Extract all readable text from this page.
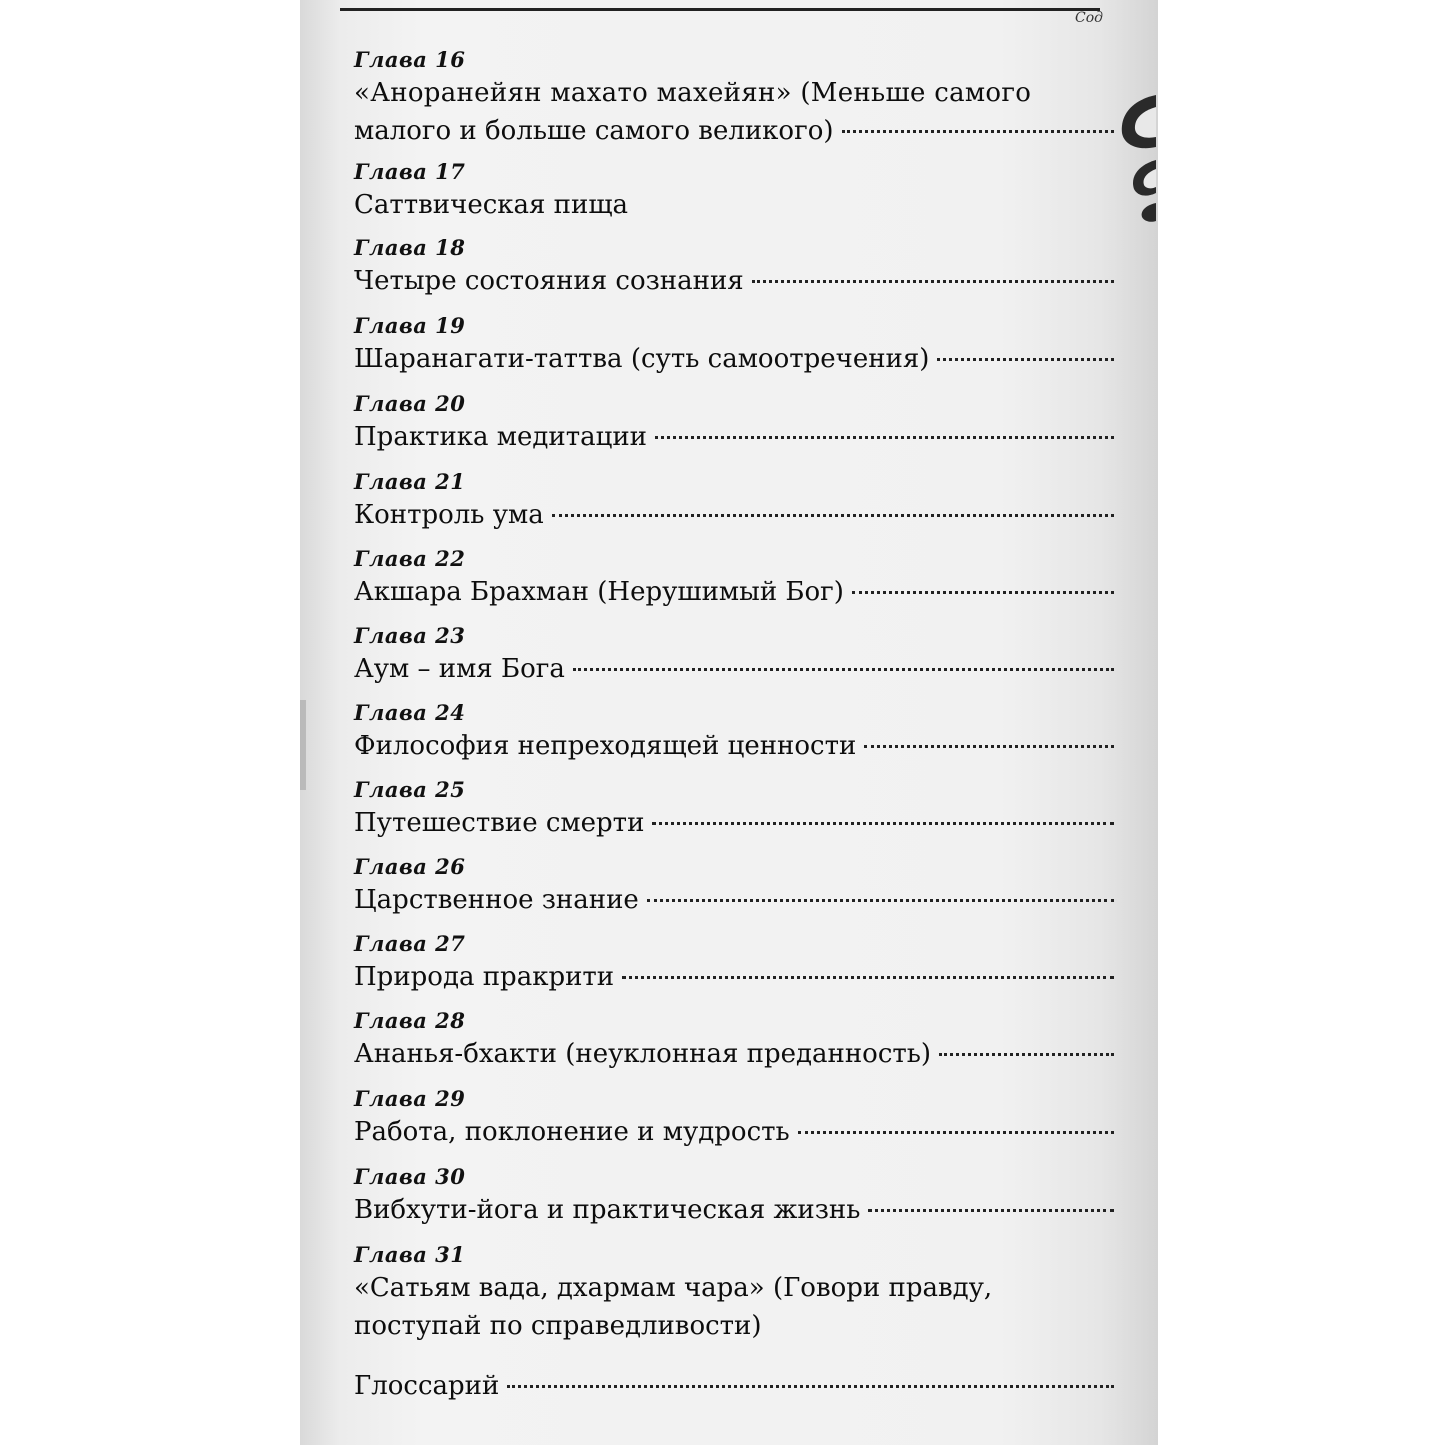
Сод
Глава 16
«Аноранейян махато махейян» (Меньше самого
малого и больше самого великого)
Глава 17
Саттвическая пища
Глава 18
Четыре состояния сознания
Глава 19
Шаранагати-таттва (суть самоотречения)
Глава 20
Практика медитации
Глава 21
Контроль ума
Глава 22
Акшара Брахман (Нерушимый Бог)
Глава 23
Аум – имя Бога
Глава 24
Философия непреходящей ценности
Глава 25
Путешествие смерти
Глава 26
Царственное знание
Глава 27
Природа пракрити
Глава 28
Ананья-бхакти (неуклонная преданность)
Глава 29
Работа, поклонение и мудрость
Глава 30
Вибхути-йога и практическая жизнь
Глава 31
«Сатьям вада, дхармам чара» (Говори правду,
поступай по справедливости)
Глоссарий
